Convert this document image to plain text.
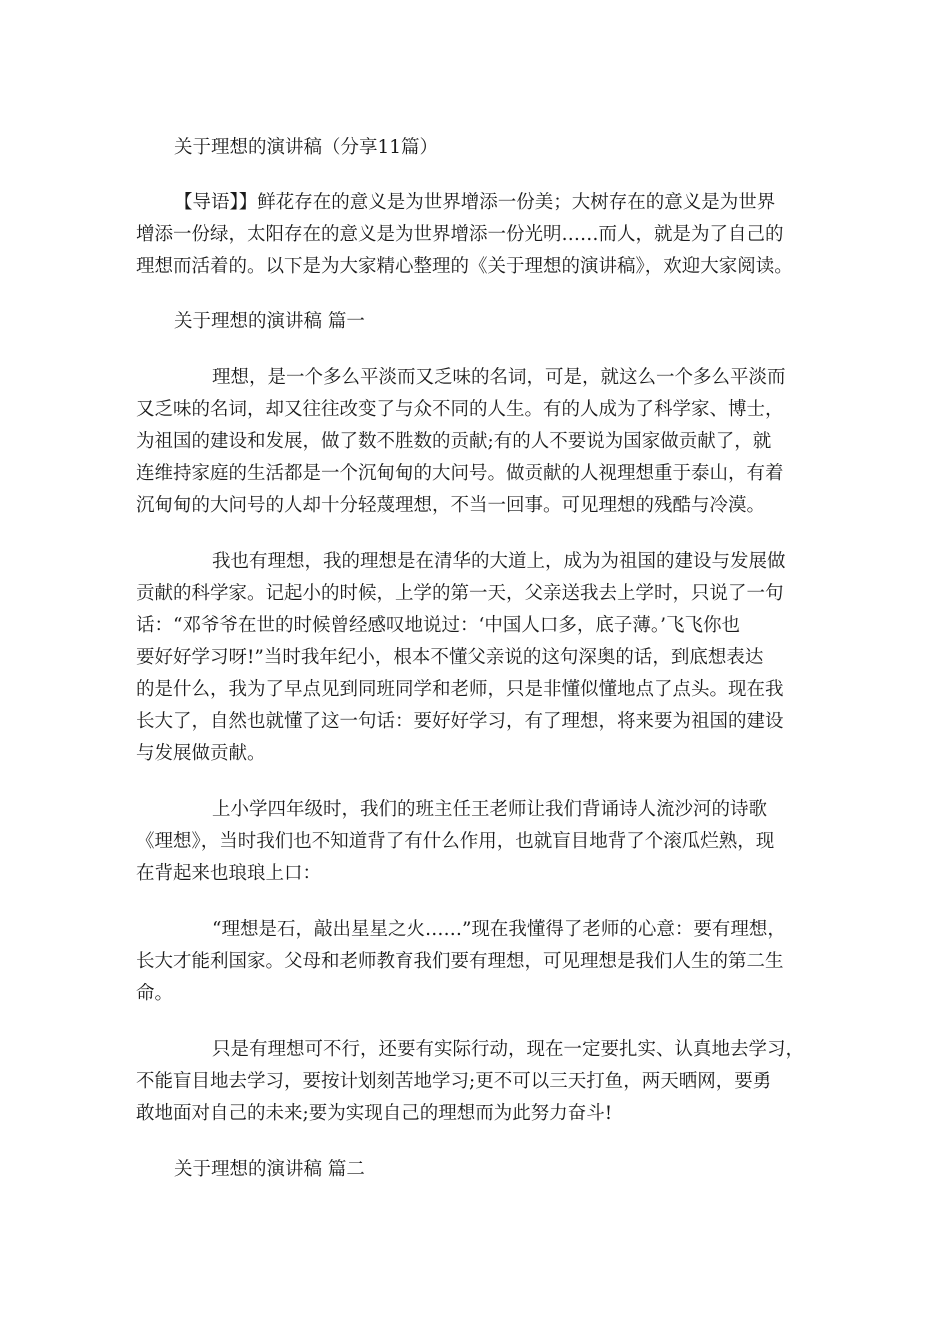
关于理想的演讲稿（分享11篇）
【导语】】鲜花存在的意义是为世界增添一份美；大树存在的意义是为世界
增添一份绿，太阳存在的意义是为世界增添一份光明……而人，就是为了自己的
理想而活着的。以下是为大家精心整理的《关于理想的演讲稿》，欢迎大家阅读。
关于理想的演讲稿 篇一
理想，是一个多么平淡而又乏味的名词，可是，就这么一个多么平淡而
又乏味的名词，却又往往改变了与众不同的人生。有的人成为了科学家、博士，
为祖国的建设和发展，做了数不胜数的贡献;有的人不要说为国家做贡献了，就
连维持家庭的生活都是一个沉甸甸的大问号。做贡献的人视理想重于泰山，有着
沉甸甸的大问号的人却十分轻蔑理想，不当一回事。可见理想的残酷与冷漠。
我也有理想，我的理想是在清华的大道上，成为为祖国的建设与发展做
贡献的科学家。记起小的时候，上学的第一天，父亲送我去上学时，只说了一句
话：“邓爷爷在世的时候曾经感叹地说过：‘中国人口多，底子薄。’飞飞你也
要好好学习呀!”当时我年纪小，根本不懂父亲说的这句深奥的话，到底想表达
的是什么，我为了早点见到同班同学和老师，只是非懂似懂地点了点头。现在我
长大了，自然也就懂了这一句话：要好好学习，有了理想，将来要为祖国的建设
与发展做贡献。
上小学四年级时，我们的班主任王老师让我们背诵诗人流沙河的诗歌
《理想》，当时我们也不知道背了有什么作用，也就盲目地背了个滚瓜烂熟，现
在背起来也琅琅上口：
“理想是石，敲出星星之火……”现在我懂得了老师的心意：要有理想，
长大才能利国家。父母和老师教育我们要有理想，可见理想是我们人生的第二生
命。
只是有理想可不行，还要有实际行动，现在一定要扎实、认真地去学习，
不能盲目地去学习，要按计划刻苦地学习;更不可以三天打鱼，两天晒网，要勇
敢地面对自己的未来;要为实现自己的理想而为此努力奋斗!
关于理想的演讲稿 篇二
